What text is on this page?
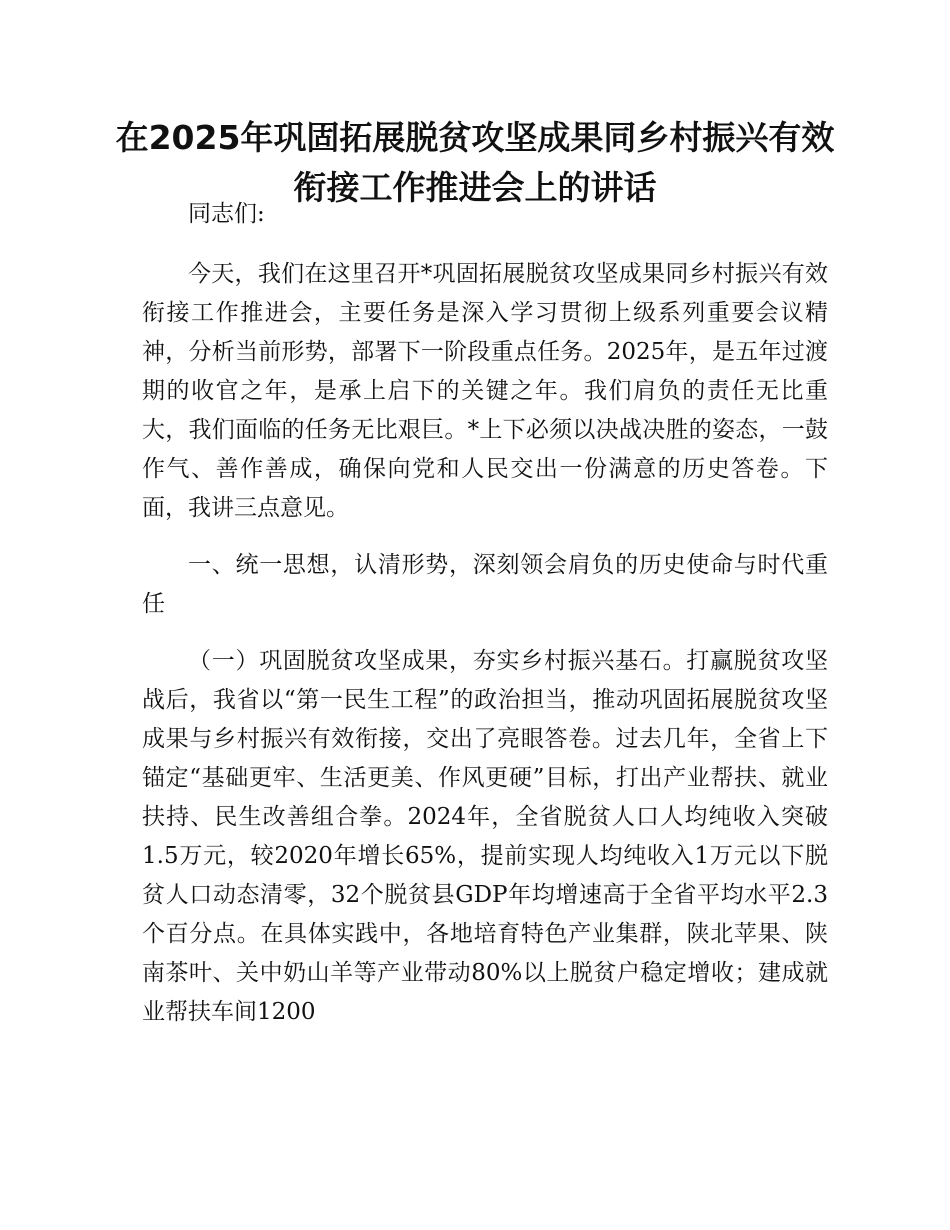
在2025年巩固拓展脱贫攻坚成果同乡村振兴有效衔接工作推进会上的讲话

同志们:

今天，我们在这里召开*巩固拓展脱贫攻坚成果同乡村振兴有效衔接工作推进会，主要任务是深入学习贯彻上级系列重要会议精神，分析当前形势，部署下一阶段重点任务。2025年，是五年过渡期的收官之年，是承上启下的关键之年。我们肩负的责任无比重大，我们面临的任务无比艰巨。*上下必须以决战决胜的姿态，一鼓作气、善作善成，确保向党和人民交出一份满意的历史答卷。下面，我讲三点意见。

一、统一思想，认清形势，深刻领会肩负的历史使命与时代重任

（一）巩固脱贫攻坚成果，夯实乡村振兴基石。打赢脱贫攻坚战后，我省以“第一民生工程”的政治担当，推动巩固拓展脱贫攻坚成果与乡村振兴有效衔接，交出了亮眼答卷。过去几年，全省上下锚定“基础更牢、生活更美、作风更硬”目标，打出产业帮扶、就业扶持、民生改善组合拳。2024年，全省脱贫人口人均纯收入突破1.5万元，较2020年增长65%，提前实现人均纯收入1万元以下脱贫人口动态清零，32个脱贫县GDP年均增速高于全省平均水平2.3个百分点。在具体实践中，各地培育特色产业集群，陕北苹果、陕南茶叶、关中奶山羊等产业带动80%以上脱贫户稳定增收；建成就业帮扶车间1200
